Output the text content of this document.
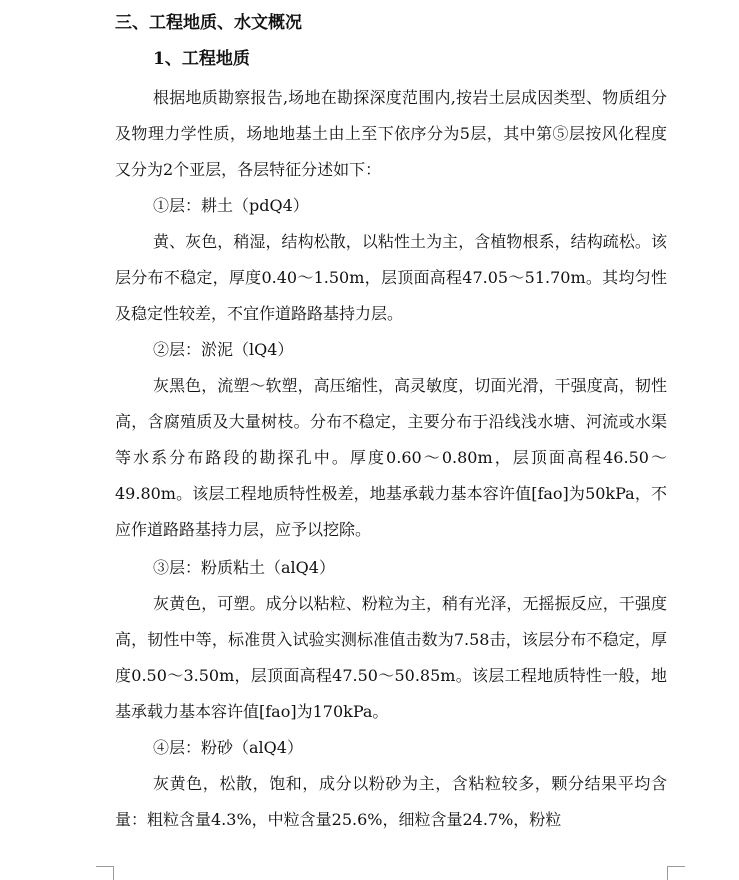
三、工程地质、水文概况
1、工程地质
根据地质勘察报告,场地在勘探深度范围内,按岩土层成因类型、物质组分及物理力学性质，场地地基土由上至下依序分为5层，其中第⑤层按风化程度又分为2个亚层，各层特征分述如下：
①层：耕土（pdQ4）
黄、灰色，稍湿，结构松散，以粘性土为主，含植物根系，结构疏松。该层分布不稳定，厚度0.40～1.50m，层顶面高程47.05～51.70m。其均匀性及稳定性较差，不宜作道路路基持力层。
②层：淤泥（lQ4）
灰黑色，流塑～软塑，高压缩性，高灵敏度，切面光滑，干强度高，韧性高，含腐殖质及大量树枝。分布不稳定，主要分布于沿线浅水塘、河流或水渠等水系分布路段的勘探孔中。厚度0.60～0.80m，层顶面高程46.50～49.80m。该层工程地质特性极差，地基承载力基本容许值[fao]为50kPa，不应作道路路基持力层，应予以挖除。
③层：粉质粘土（alQ4）
灰黄色，可塑。成分以粘粒、粉粒为主，稍有光泽，无摇振反应，干强度高，韧性中等，标准贯入试验实测标准值击数为7.58击，该层分布不稳定，厚度0.50～3.50m，层顶面高程47.50～50.85m。该层工程地质特性一般，地基承载力基本容许值[fao]为170kPa。
④层：粉砂（alQ4）
灰黄色，松散，饱和，成分以粉砂为主，含粘粒较多，颗分结果平均含量：粗粒含量4.3%，中粒含量25.6%，细粒含量24.7%，粉粒
